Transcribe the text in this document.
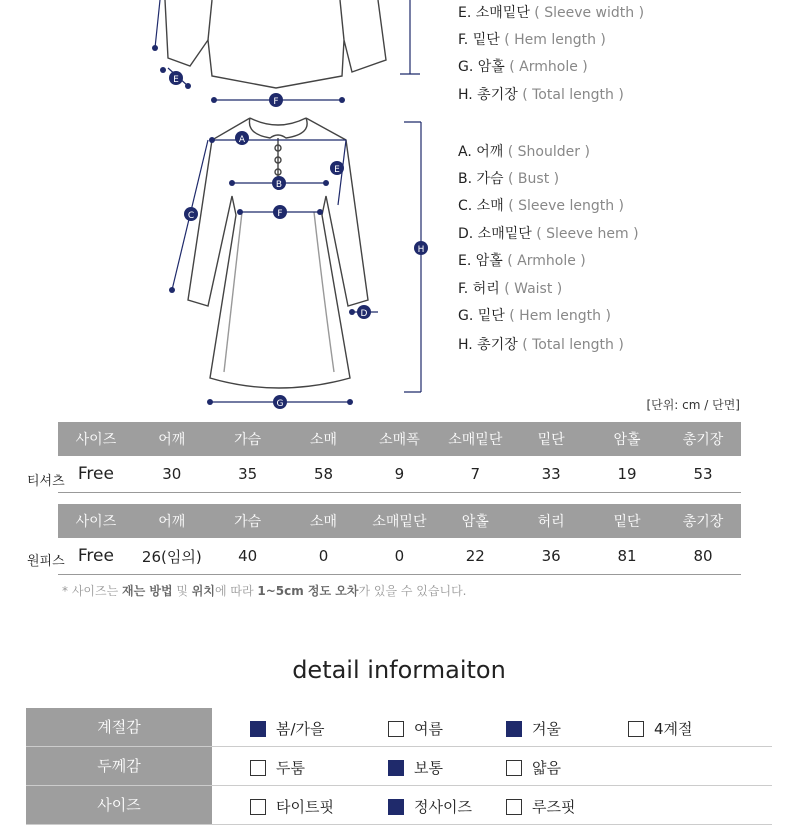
E
F
A
B
C
D
E
F
G
H
E. 소매밑단 ( Sleeve width )
F. 밑단 ( Hem length )
G. 암홀 ( Armhole )
H. 총기장 ( Total length )
A. 어깨 ( Shoulder )
B. 가슴 ( Bust )
C. 소매 ( Sleeve length )
D. 소매밑단 ( Sleeve hem )
E. 암홀 ( Armhole )
F. 허리 ( Waist )
G. 밑단 ( Hem length )
H. 총기장 ( Total length )
[단위: cm / 단면]
티셔츠
사이즈	어깨	가슴	소매	소매폭	소매밑단	밑단	암홀	총기장
Free	30	35	58	9	7	33	19	53
원피스
사이즈	어깨	가슴	소매	소매밑단	암홀	허리	밑단	총기장
Free	26(임의)	40	0	0	22	36	81	80
* 사이즈는 재는 방법 및 위치에 따라 1~5cm 정도 오차가 있을 수 있습니다.
detail informaiton
계절감	봄/가을	여름	겨울	4계절
두께감	두툼	보통	얇음
사이즈	타이트핏	정사이즈	루즈핏
